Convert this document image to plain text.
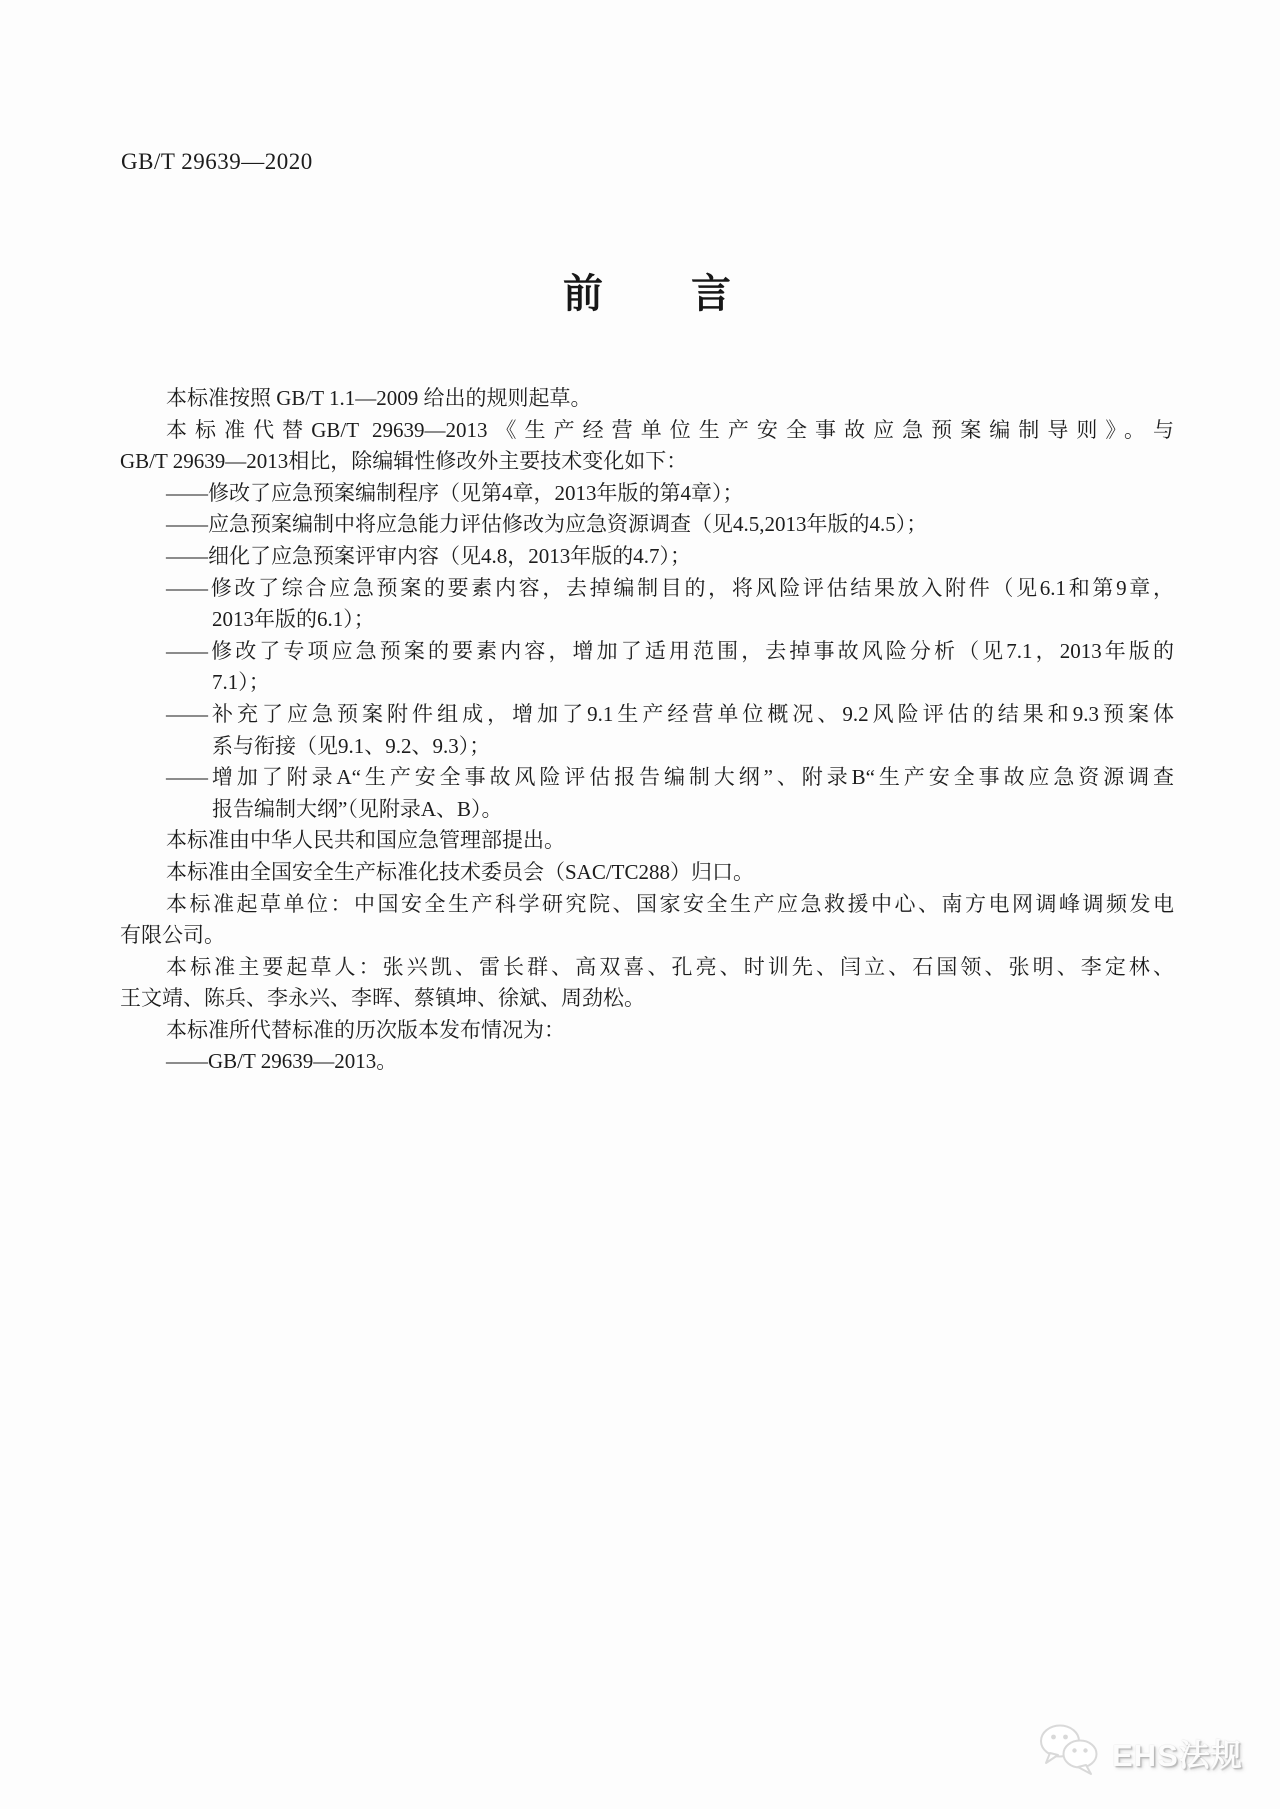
GB/T 29639—2020
前 言
本标准按照 GB/T 1.1—2009 给出的规则起草。
本标准代替GB/T 29639—2013《生产经营单位生产安全事故应急预案编制导则》。与
GB/T 29639—2013相比，除编辑性修改外主要技术变化如下：
——修改了应急预案编制程序（见第4章，2013年版的第4章）；
——应急预案编制中将应急能力评估修改为应急资源调查（见4.5,2013年版的4.5）；
——细化了应急预案评审内容（见4.8，2013年版的4.7）；
——修改了综合应急预案的要素内容，去掉编制目的，将风险评估结果放入附件（见6.1和第9章，
2013年版的6.1）；
——修改了专项应急预案的要素内容，增加了适用范围，去掉事故风险分析（见7.1，2013年版的
7.1）；
——补充了应急预案附件组成，增加了9.1生产经营单位概况、9.2风险评估的结果和9.3预案体
系与衔接（见9.1、9.2、9.3）；
——增加了附录A“生产安全事故风险评估报告编制大纲”、附录B“生产安全事故应急资源调查
报告编制大纲”（见附录A、B）。
本标准由中华人民共和国应急管理部提出。
本标准由全国安全生产标准化技术委员会（SAC/TC288）归口。
本标准起草单位：中国安全生产科学研究院、国家安全生产应急救援中心、南方电网调峰调频发电
有限公司。
本标准主要起草人：张兴凯、雷长群、高双喜、孔亮、时训先、闫立、石国领、张明、李定林、
王文靖、陈兵、李永兴、李晖、蔡镇坤、徐斌、周劲松。
本标准所代替标准的历次版本发布情况为：
——GB/T 29639—2013。
EHS法规
